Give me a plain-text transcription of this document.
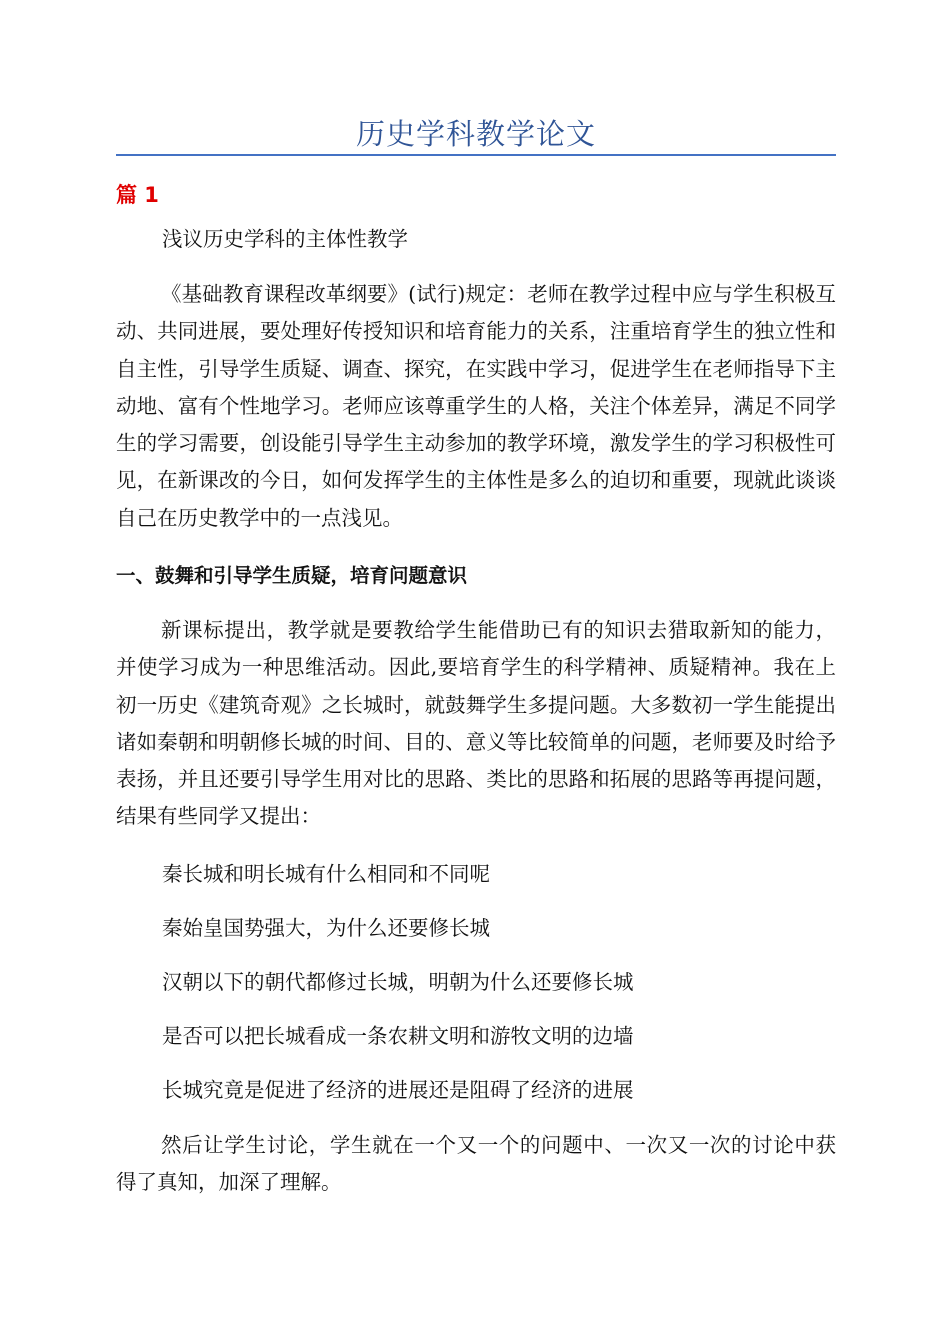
历史学科教学论文
篇 1

浅议历史学科的主体性教学

《基础教育课程改革纲要》(试行)规定：老师在教学过程中应与学生积极互动、共同进展，要处理好传授知识和培育能力的关系，注重培育学生的独立性和自主性，引导学生质疑、调查、探究，在实践中学习，促进学生在老师指导下主动地、富有个性地学习。老师应该尊重学生的人格，关注个体差异，满足不同学生的学习需要，创设能引导学生主动参加的教学环境，激发学生的学习积极性可见，在新课改的今日，如何发挥学生的主体性是多么的迫切和重要，现就此谈谈自己在历史教学中的一点浅见。

一、鼓舞和引导学生质疑，培育问题意识

新课标提出，教学就是要教给学生能借助已有的知识去猎取新知的能力，并使学习成为一种思维活动。因此,要培育学生的科学精神、质疑精神。我在上初一历史《建筑奇观》之长城时，就鼓舞学生多提问题。大多数初一学生能提出诸如秦朝和明朝修长城的时间、目的、意义等比较简单的问题，老师要及时给予表扬，并且还要引导学生用对比的思路、类比的思路和拓展的思路等再提问题，结果有些同学又提出：

秦长城和明长城有什么相同和不同呢

秦始皇国势强大，为什么还要修长城

汉朝以下的朝代都修过长城，明朝为什么还要修长城

是否可以把长城看成一条农耕文明和游牧文明的边墙

长城究竟是促进了经济的进展还是阻碍了经济的进展

然后让学生讨论，学生就在一个又一个的问题中、一次又一次的讨论中获得了真知，加深了理解。
